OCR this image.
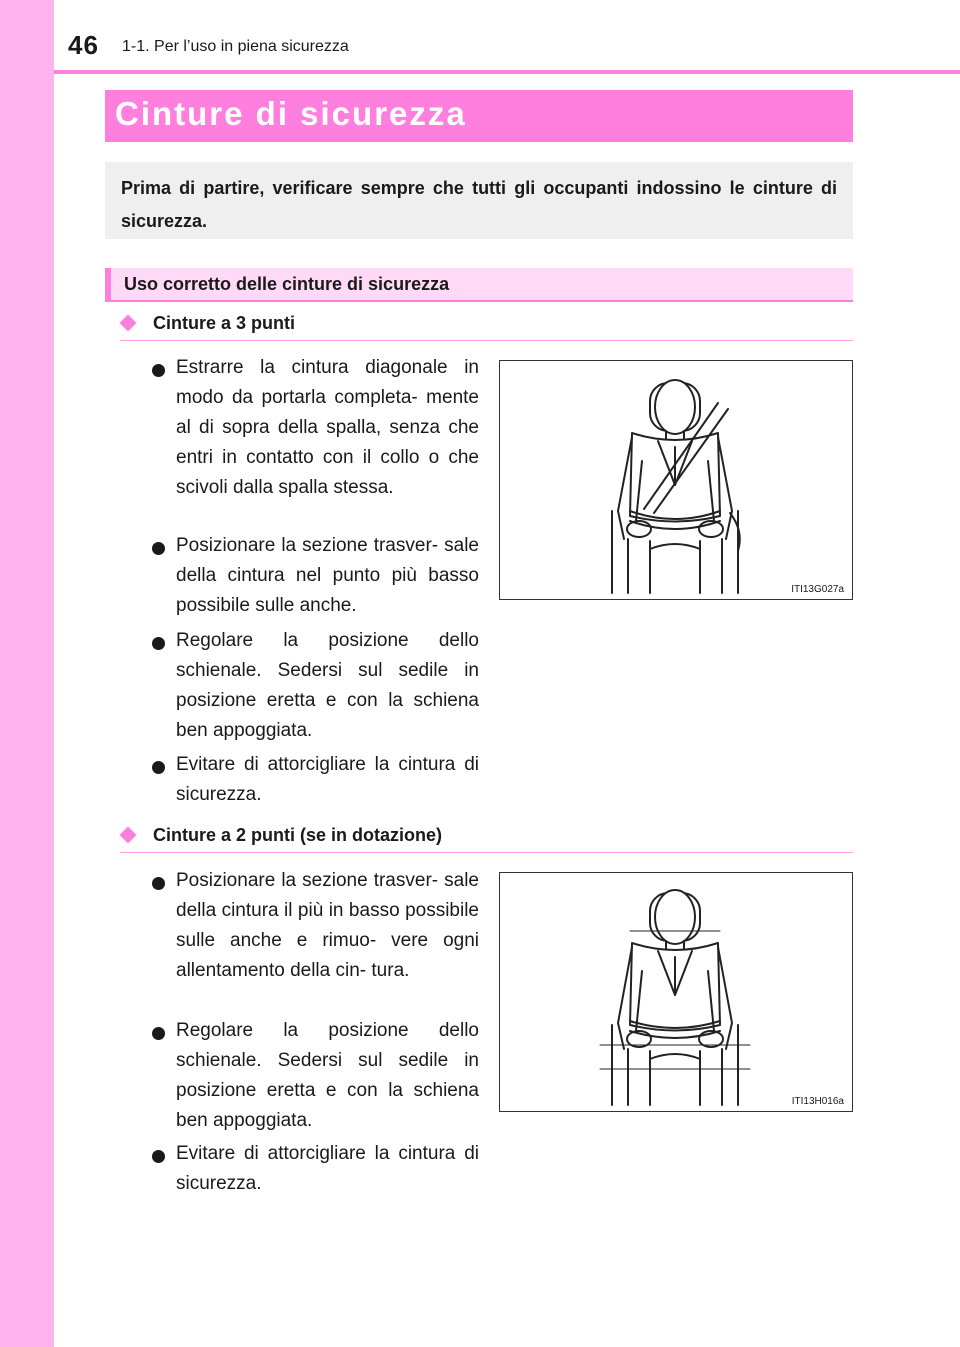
46 1-1. Per l’uso in piena sicurezza
Cinture di sicurezza

Prima di partire, verificare sempre che tutti gli occupanti indossino le cinture di sicurezza.

Uso corretto delle cinture di sicurezza
Cinture a 3 punti

Estrarre la cintura diagonale in modo da portarla completa- mente al di sopra della spalla, senza che entri in contatto con il collo o che scivoli dalla spalla stessa.

Posizionare la sezione trasver- sale della cintura nel punto più basso possibile sulle anche.

Regolare la posizione dello schienale. Sedersi sul sedile in posizione eretta e con la schiena ben appoggiata.

Evitare di attorcigliare la cintura di sicurezza.

ITI13G027a
Cinture a 2 punti (se in dotazione)

Posizionare la sezione trasver- sale della cintura il più in basso possibile sulle anche e rimuo- vere ogni allentamento della cin- tura.

Regolare la posizione dello schienale. Sedersi sul sedile in posizione eretta e con la schiena ben appoggiata.

Evitare di attorcigliare la cintura di sicurezza.

ITI13H016a
